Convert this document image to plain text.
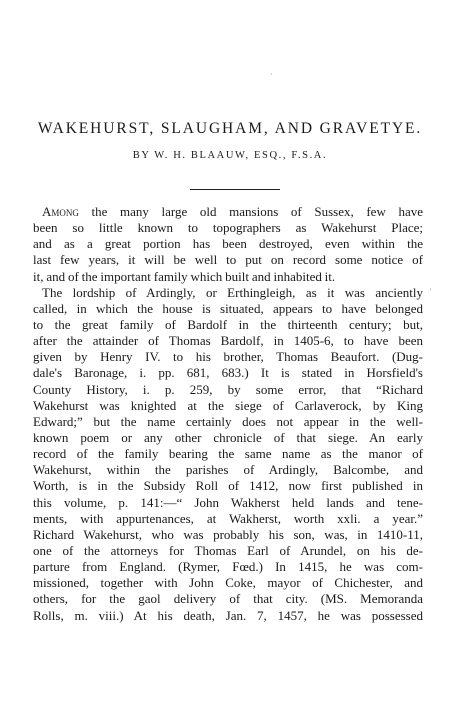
·
WAKEHURST, SLAUGHAM, AND GRAVETYE.
BY W. H. BLAAUW, ESQ., F.S.A.
'
Among the many large old mansions of Sussex, few have
been so little known to topographers as Wakehurst Place;
and as a great portion has been destroyed, even within the
last few years, it will be well to put on record some notice of
it, and of the important family which built and inhabited it.
The lordship of Ardingly, or Erthingleigh, as it was anciently
called, in which the house is situated, appears to have belonged
to the great family of Bardolf in the thirteenth century; but,
after the attainder of Thomas Bardolf, in 1405-6, to have been
given by Henry IV. to his brother, Thomas Beaufort. (Dug-
dale's Baronage, i. pp. 681, 683.) It is stated in Horsfield's
County History, i. p. 259, by some error, that “Richard
Wakehurst was knighted at the siege of Carlaverock, by King
Edward;” but the name certainly does not appear in the well-
known poem or any other chronicle of that siege. An early
record of the family bearing the same name as the manor of
Wakehurst, within the parishes of Ardingly, Balcombe, and
Worth, is in the Subsidy Roll of 1412, now first published in
this volume, p. 141:—“ John Wakherst held lands and tene-
ments, with appurtenances, at Wakherst, worth xxli. a year.”
Richard Wakehurst, who was probably his son, was, in 1410-11,
one of the attorneys for Thomas Earl of Arundel, on his de-
parture from England. (Rymer, Fœd.) In 1415, he was com-
missioned, together with John Coke, mayor of Chichester, and
others, for the gaol delivery of that city. (MS. Memoranda
Rolls, m. viii.) At his death, Jan. 7, 1457, he was possessed
